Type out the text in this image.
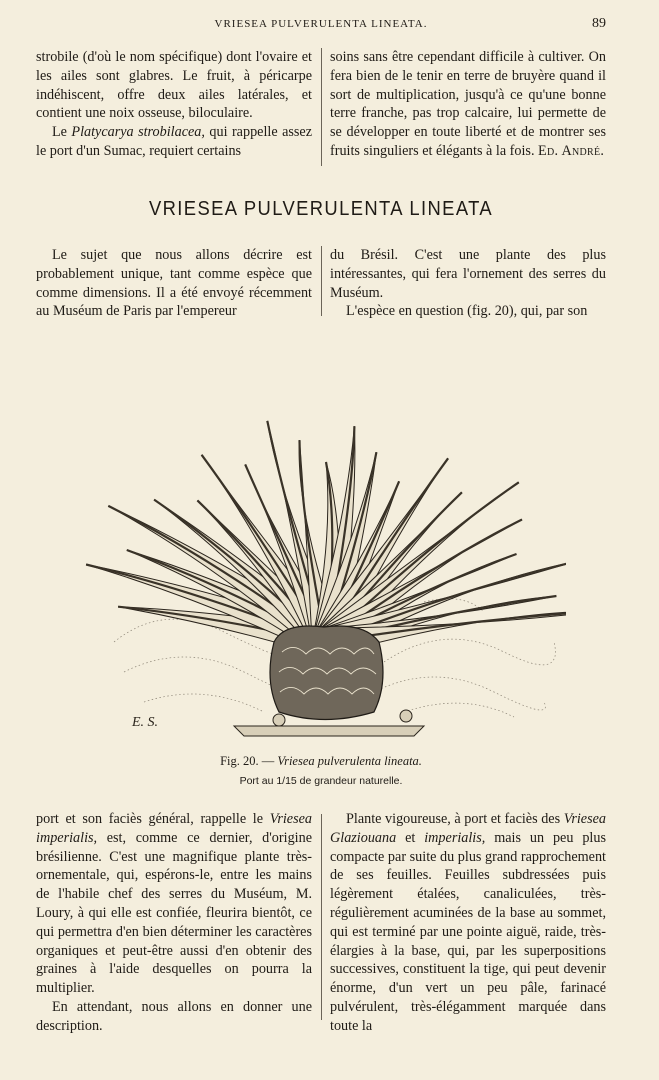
VRIESEA PULVERULENTA LINEATA.	89

strobile (d'où le nom spécifique) dont l'ovaire et les ailes sont glabres. Le fruit, à péricarpe indéhiscent, offre deux ailes latérales, et contient une noix osseuse, biloculaire.

Le Platycarya strobilacea, qui rappelle assez le port d'un Sumac, requiert certains

soins sans être cependant difficile à cultiver. On fera bien de le tenir en terre de bruyère quand il sort de multiplication, jusqu'à ce qu'une bonne terre franche, pas trop calcaire, lui permette de se développer en toute liberté et de montrer ses fruits singuliers et élégants à la fois. Ed. André.

VRIESEA PULVERULENTA LINEATA

Le sujet que nous allons décrire est probablement unique, tant comme espèce que comme dimensions. Il a été envoyé récemment au Muséum de Paris par l'empereur

du Brésil. C'est une plante des plus intéressantes, qui fera l'ornement des serres du Muséum.

L'espèce en question (fig. 20), qui, par son

E. S.
Fig. 20. — Vriesea pulverulenta lineata.
Port au 1/15 de grandeur naturelle.

port et son faciès général, rappelle le Vriesea imperialis, est, comme ce dernier, d'origine brésilienne. C'est une magnifique plante très-ornementale, qui, espérons-le, entre les mains de l'habile chef des serres du Muséum, M. Loury, à qui elle est confiée, fleurira bientôt, ce qui permettra d'en bien déterminer les caractères organiques et peut-être aussi d'en obtenir des graines à l'aide desquelles on pourra la multiplier.

En attendant, nous allons en donner une description.

Plante vigoureuse, à port et faciès des Vriesea Glaziouana et imperialis, mais un peu plus compacte par suite du plus grand rapprochement de ses feuilles. Feuilles subdressées puis légèrement étalées, canaliculées, très-régulièrement acuminées de la base au sommet, qui est terminé par une pointe aiguë, raide, très-élargies à la base, qui, par les superpositions successives, constituent la tige, qui peut devenir énorme, d'un vert un peu pâle, farinacé pulvérulent, très-élégamment marquée dans toute la
